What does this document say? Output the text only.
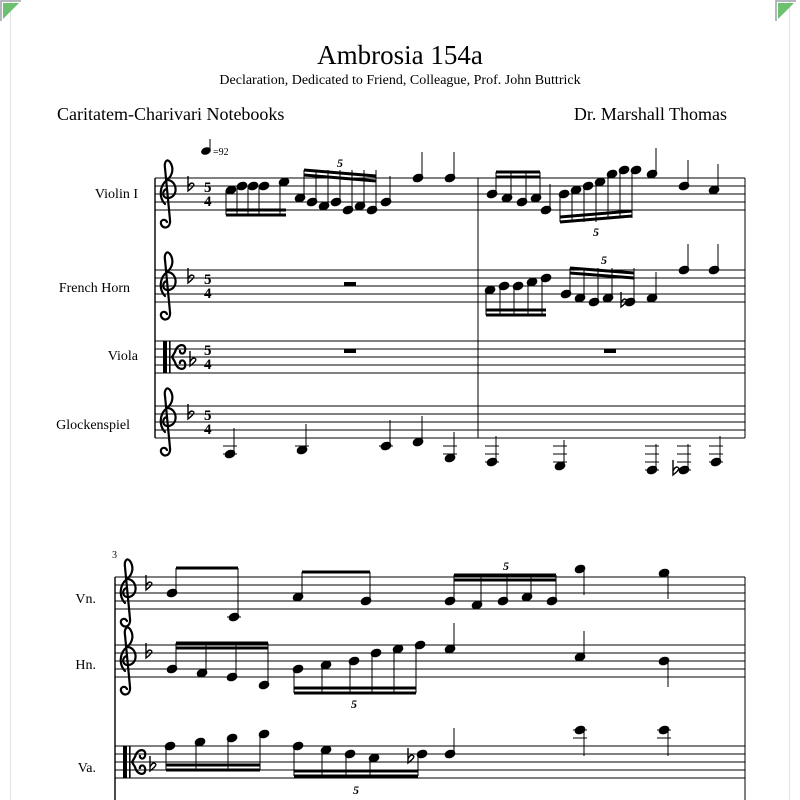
Ambrosia 154a
Declaration, Dedicated to Friend, Colleague, Prof. John Buttrick
Caritatem-Charivari Notebooks	Dr. Marshall Thomas
=92
Violin I	5
4
5
5
French Horn
5
4
5
Viola	5
4
Glockenspiel
5
4
3
Vn.
5
Hn.
5
Va.
5
